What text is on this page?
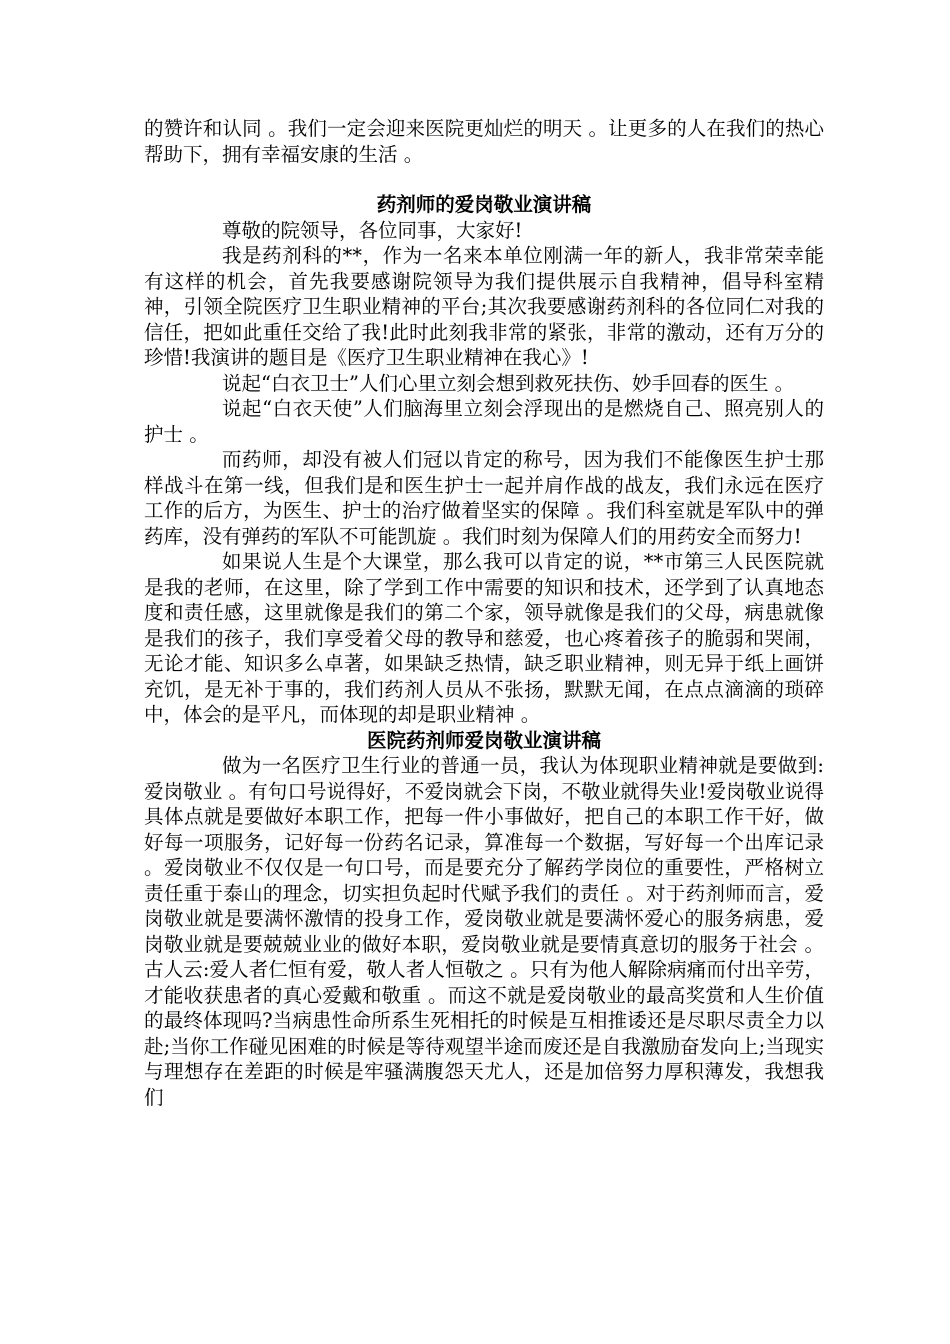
的赞许和认同 。我们一定会迎来医院更灿烂的明天 。让更多的人在我们的热心帮助下，拥有幸福安康的生活 。

药剂师的爱岗敬业演讲稿

尊敬的院领导，各位同事，大家好!

我是药剂科的**，作为一名来本单位刚满一年的新人，我非常荣幸能有这样的机会，首先我要感谢院领导为我们提供展示自我精神，倡导科室精神，引领全院医疗卫生职业精神的平台;其次我要感谢药剂科的各位同仁对我的信任，把如此重任交给了我!此时此刻我非常的紧张，非常的激动，还有万分的珍惜!我演讲的题目是《医疗卫生职业精神在我心》!

说起“白衣卫士”人们心里立刻会想到救死扶伤、妙手回春的医生 。

说起“白衣天使”人们脑海里立刻会浮现出的是燃烧自己、照亮别人的护士 。

而药师，却没有被人们冠以肯定的称号，因为我们不能像医生护士那样战斗在第一线，但我们是和医生护士一起并肩作战的战友，我们永远在医疗工作的后方，为医生、护士的治疗做着坚实的保障 。我们科室就是军队中的弹药库，没有弹药的军队不可能凯旋 。我们时刻为保障人们的用药安全而努力!

如果说人生是个大课堂，那么我可以肯定的说，**市第三人民医院就是我的老师，在这里，除了学到工作中需要的知识和技术，还学到了认真地态度和责任感，这里就像是我们的第二个家，领导就像是我们的父母，病患就像是我们的孩子，我们享受着父母的教导和慈爱，也心疼着孩子的脆弱和哭闹，无论才能、知识多么卓著，如果缺乏热情，缺乏职业精神，则无异于纸上画饼充饥，是无补于事的，我们药剂人员从不张扬，默默无闻，在点点滴滴的琐碎中，体会的是平凡，而体现的却是职业精神 。

医院药剂师爱岗敬业演讲稿

做为一名医疗卫生行业的普通一员，我认为体现职业精神就是要做到:爱岗敬业 。有句口号说得好，不爱岗就会下岗，不敬业就得失业!爱岗敬业说得具体点就是要做好本职工作，把每一件小事做好，把自己的本职工作干好，做好每一项服务，记好每一份药名记录，算准每一个数据，写好每一个出库记录 。爱岗敬业不仅仅是一句口号，而是要充分了解药学岗位的重要性，严格树立责任重于泰山的理念，切实担负起时代赋予我们的责任 。对于药剂师而言，爱岗敬业就是要满怀激情的投身工作，爱岗敬业就是要满怀爱心的服务病患，爱岗敬业就是要兢兢业业的做好本职，爱岗敬业就是要情真意切的服务于社会 。古人云:爱人者仁恒有爱，敬人者人恒敬之 。只有为他人解除病痛而付出辛劳，才能收获患者的真心爱戴和敬重 。而这不就是爱岗敬业的最高奖赏和人生价值的最终体现吗?当病患性命所系生死相托的时候是互相推诿还是尽职尽责全力以赴;当你工作碰见困难的时候是等待观望半途而废还是自我激励奋发向上;当现实与理想存在差距的时候是牢骚满腹怨天尤人，还是加倍努力厚积薄发，我想我们
